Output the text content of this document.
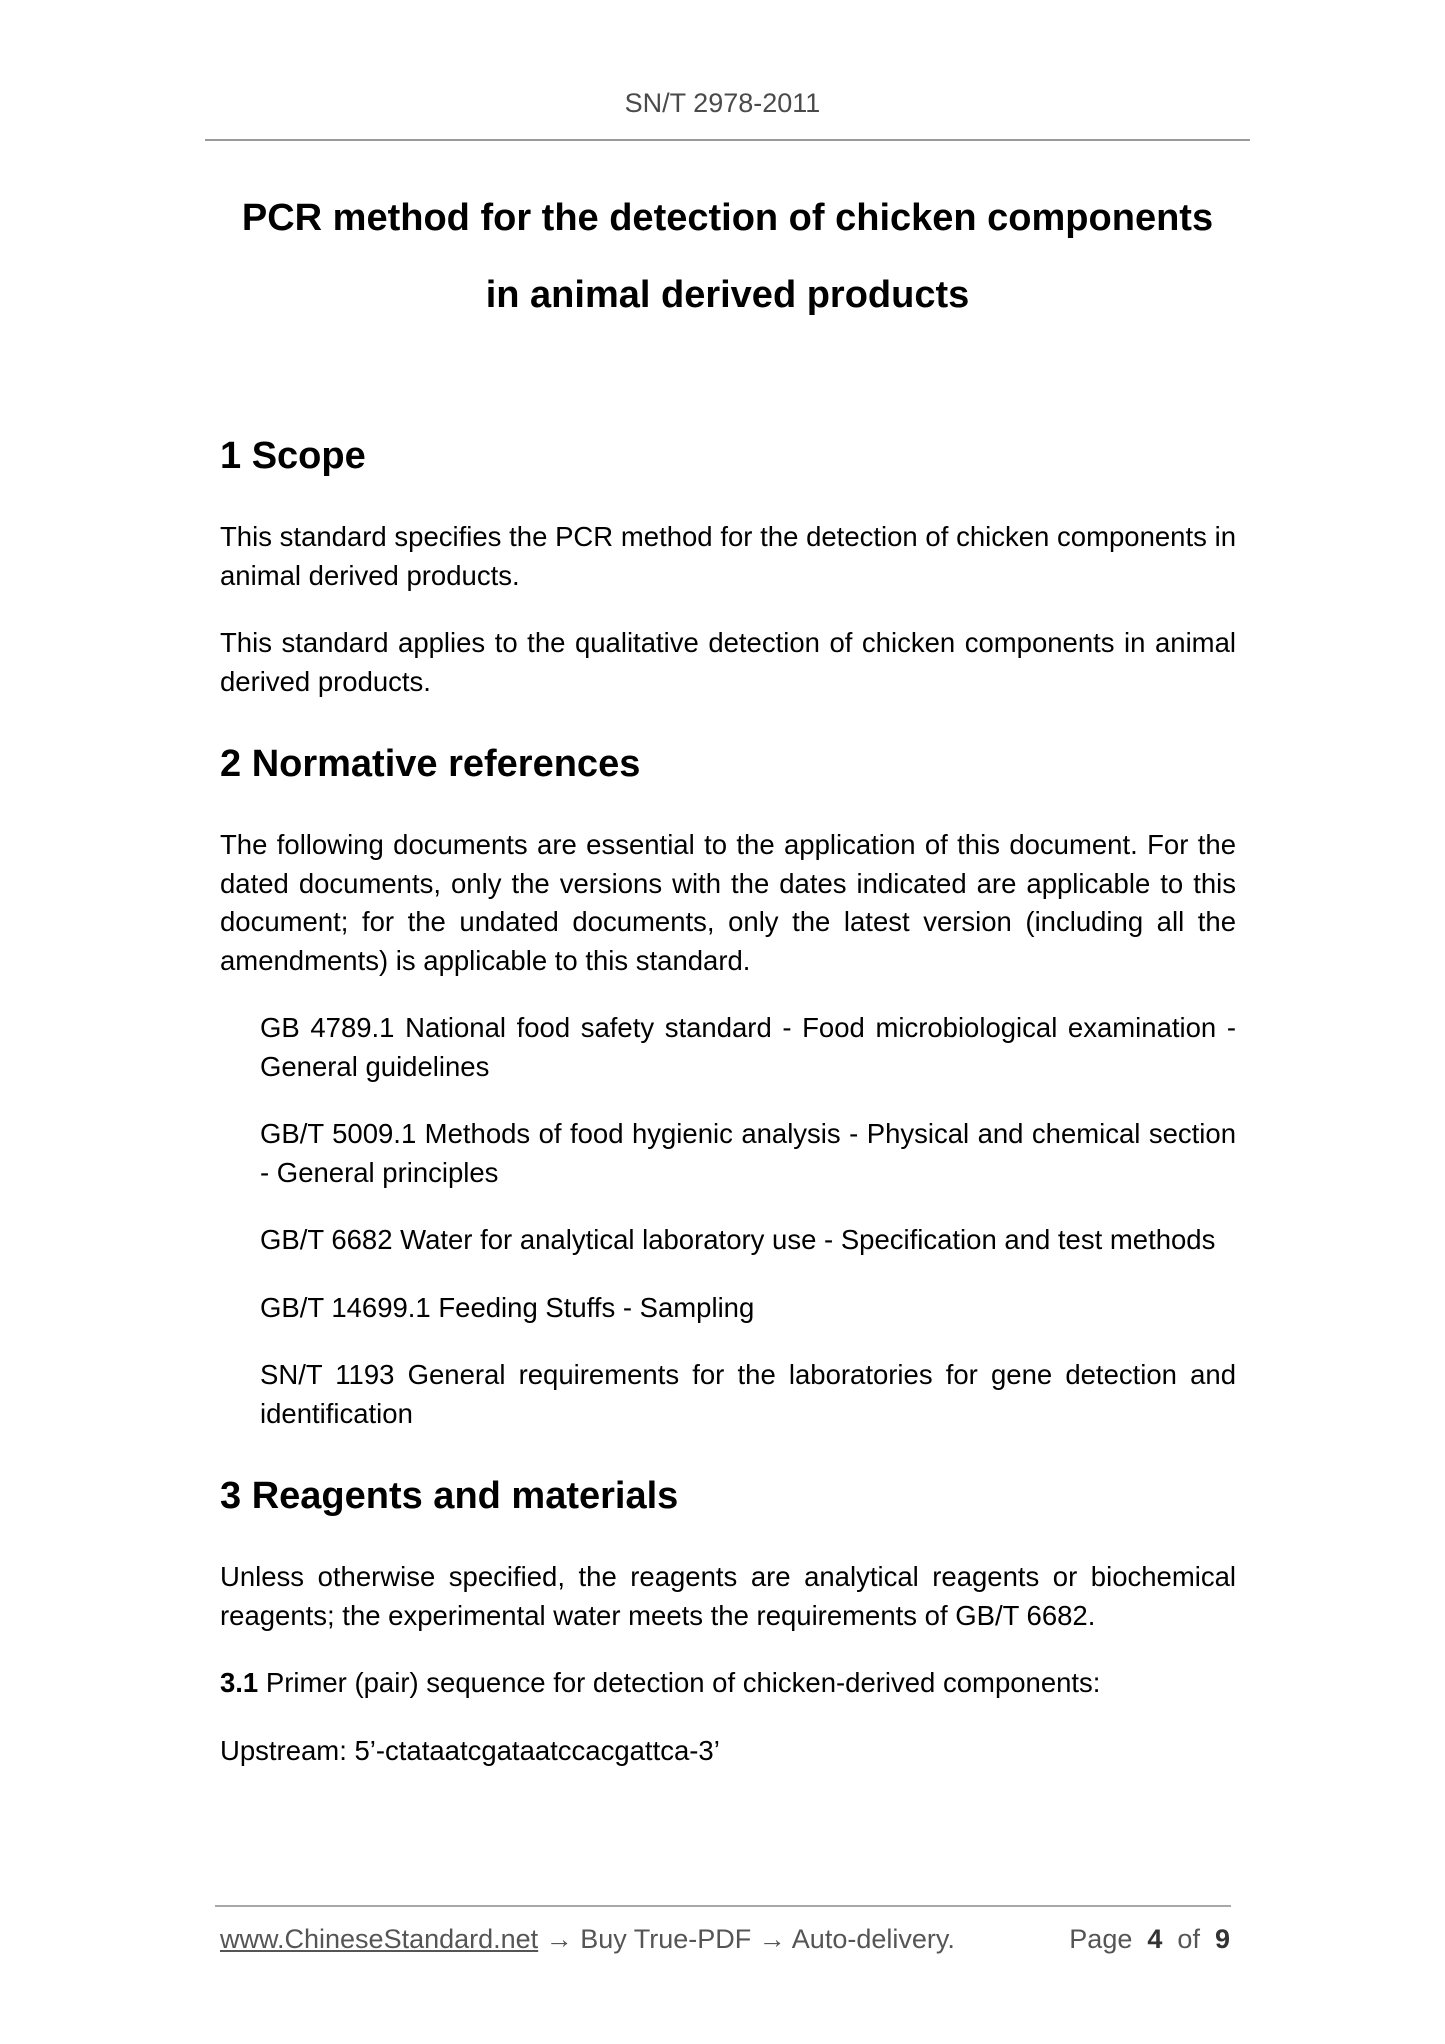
SN/T 2978-2011
PCR method for the detection of chicken components
in animal derived products
1 Scope
This standard specifies the PCR method for the detection of chicken components in animal derived products.
This standard applies to the qualitative detection of chicken components in animal derived products.
2 Normative references
The following documents are essential to the application of this document. For the dated documents, only the versions with the dates indicated are applicable to this document; for the undated documents, only the latest version (including all the amendments) is applicable to this standard.
GB 4789.1 National food safety standard - Food microbiological examination - General guidelines
GB/T 5009.1 Methods of food hygienic analysis - Physical and chemical section - General principles
GB/T 6682 Water for analytical laboratory use - Specification and test methods
GB/T 14699.1 Feeding Stuffs - Sampling
SN/T 1193 General requirements for the laboratories for gene detection and identification
3 Reagents and materials
Unless otherwise specified, the reagents are analytical reagents or biochemical reagents; the experimental water meets the requirements of GB/T 6682.
3.1 Primer (pair) sequence for detection of chicken-derived components:
Upstream: 5’-ctataatcgataatccacgattca-3’
www.ChineseStandard.net → Buy True-PDF → Auto-delivery.	Page 4 of 9
